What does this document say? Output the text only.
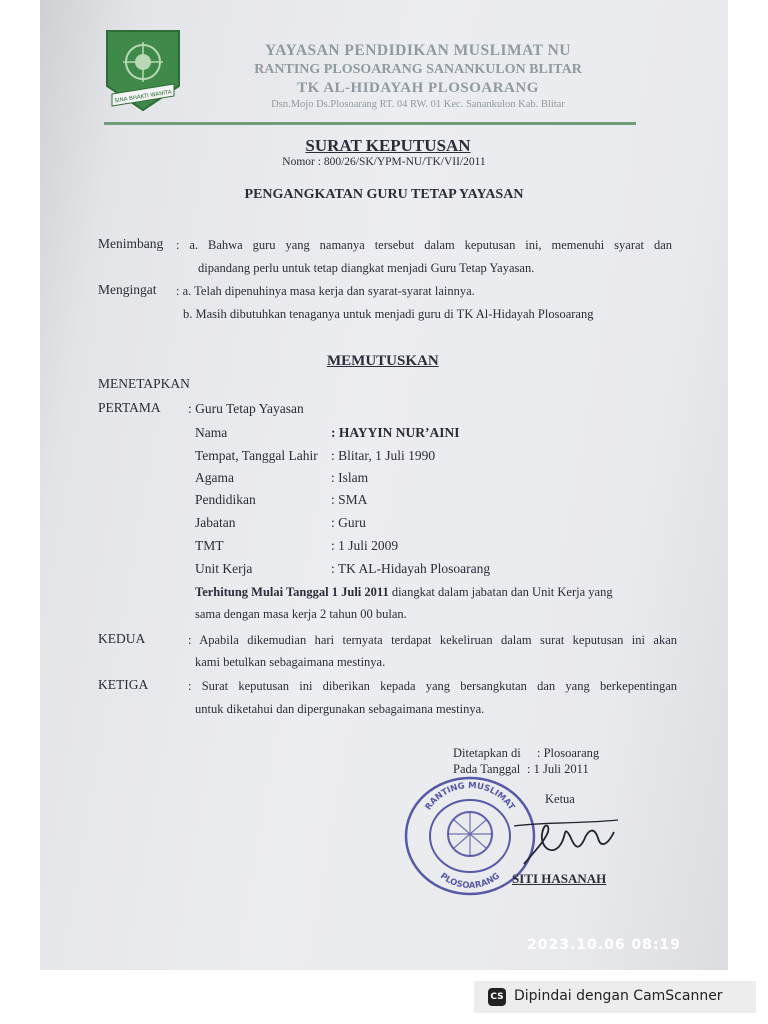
SINA BHAKTI WANITA
YAYASAN PENDIDIKAN MUSLIMAT NU
RANTING PLOSOARANG SANANKULON BLITAR
TK AL-HIDAYAH PLOSOARANG
Dsn.Mojo Ds.Plosoarang RT. 04 RW. 01 Kec. Sanankulon Kab. Blitar
SURAT KEPUTUSAN
Nomor : 800/26/SK/YPM-NU/TK/VII/2011
PENGANGKATAN GURU TETAP YAYASAN
Menimbang : a. Bahwa guru yang namanya tersebut dalam keputusan ini, memenuhi syarat dan
dipandang perlu untuk tetap diangkat menjadi Guru Tetap Yayasan.
Mengingat : a. Telah dipenuhinya masa kerja dan syarat-syarat lainnya.
b. Masih dibutuhkan tenaganya untuk menjadi guru di TK Al-Hidayah Plosoarang
MEMUTUSKAN
MENETAPKAN
PERTAMA : Guru Tetap Yayasan
Nama	: HAYYIN NUR’AINI
Tempat, Tanggal Lahir : Blitar, 1 Juli 1990
Agama	: Islam
Pendidikan	: SMA
Jabatan	: Guru
TMT	: 1 Juli 2009
Unit Kerja	: TK AL-Hidayah Plosoarang
Terhitung Mulai Tanggal 1 Juli 2011 diangkat dalam jabatan dan Unit Kerja yang
sama dengan masa kerja 2 tahun 00 bulan.
KEDUA	: Apabila dikemudian hari ternyata terdapat kekeliruan dalam surat keputusan ini akan
kami betulkan sebagaimana mestinya.
KETIGA	: Surat keputusan ini diberikan kepada yang bersangkutan dan yang berkepentingan
untuk diketahui dan dipergunakan sebagaimana mestinya.
Ditetapkan di : Plosoarang
Pada Tanggal : 1 Juli 2011
Ketua
RANTING MUSLIMAT
PLOSOARANG SITI HASANAH
2023.10.06 08:19
CS Dipindai dengan CamScanner
